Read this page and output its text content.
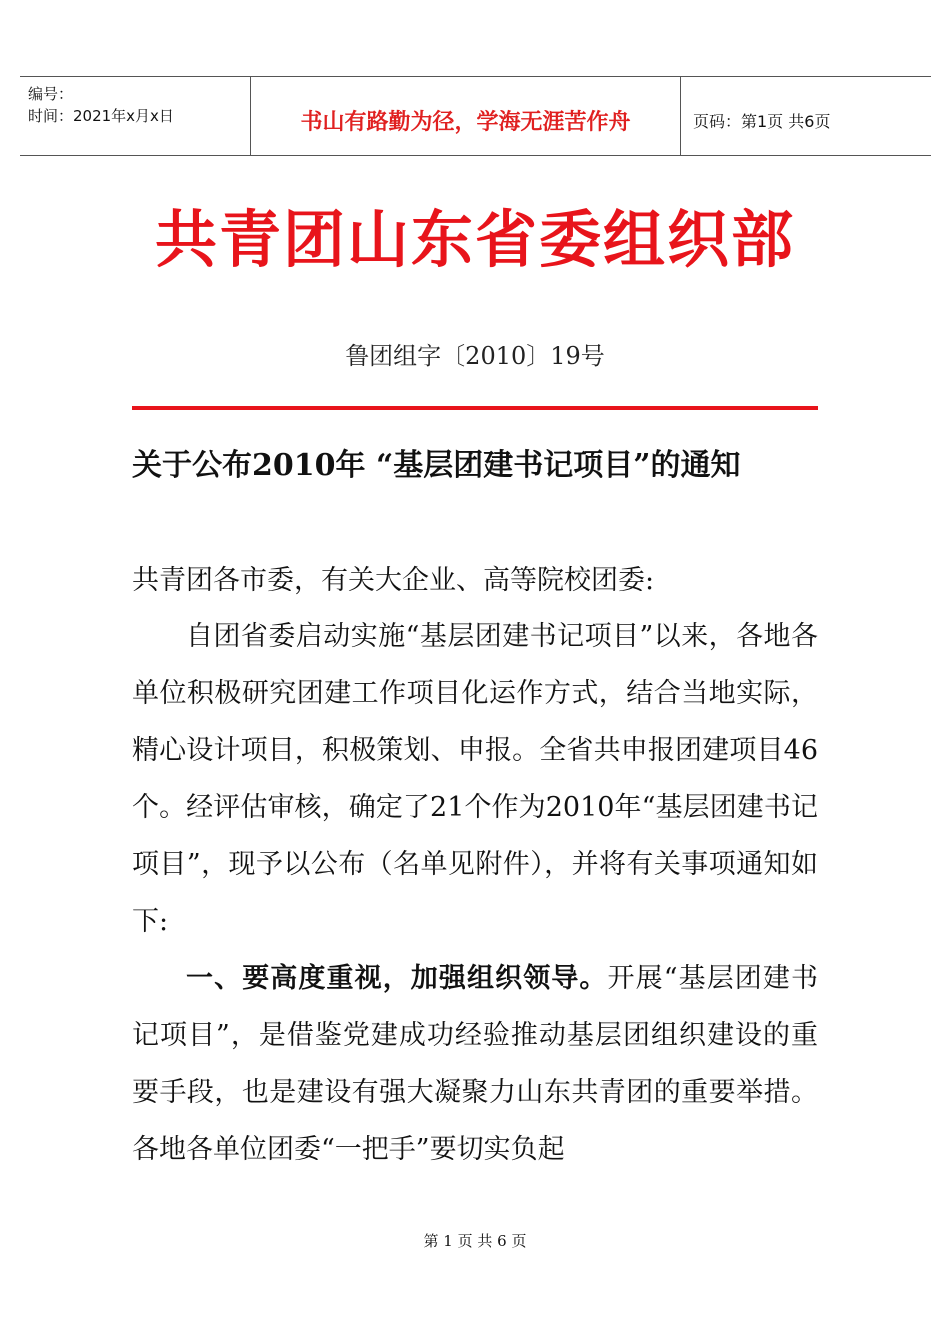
编号：
时间：2021年x月x日	书山有路勤为径，学海无涯苦作舟	页码：第1页 共6页
共青团山东省委组织部
鲁团组字〔2010〕19号
关于公布2010年 “基层团建书记项目”的通知
共青团各市委，有关大企业、高等院校团委:
自团省委启动实施“基层团建书记项目”以来，各地各单位积极研究团建工作项目化运作方式，结合当地实际，精心设计项目，积极策划、申报。全省共申报团建项目46个。经评估审核，确定了21个作为2010年“基层团建书记项目”，现予以公布（名单见附件），并将有关事项通知如下:
一、要高度重视，加强组织领导。开展“基层团建书记项目”，是借鉴党建成功经验推动基层团组织建设的重要手段，也是建设有强大凝聚力山东共青团的重要举措。各地各单位团委“一把手”要切实负起
第 1 页 共 6 页
